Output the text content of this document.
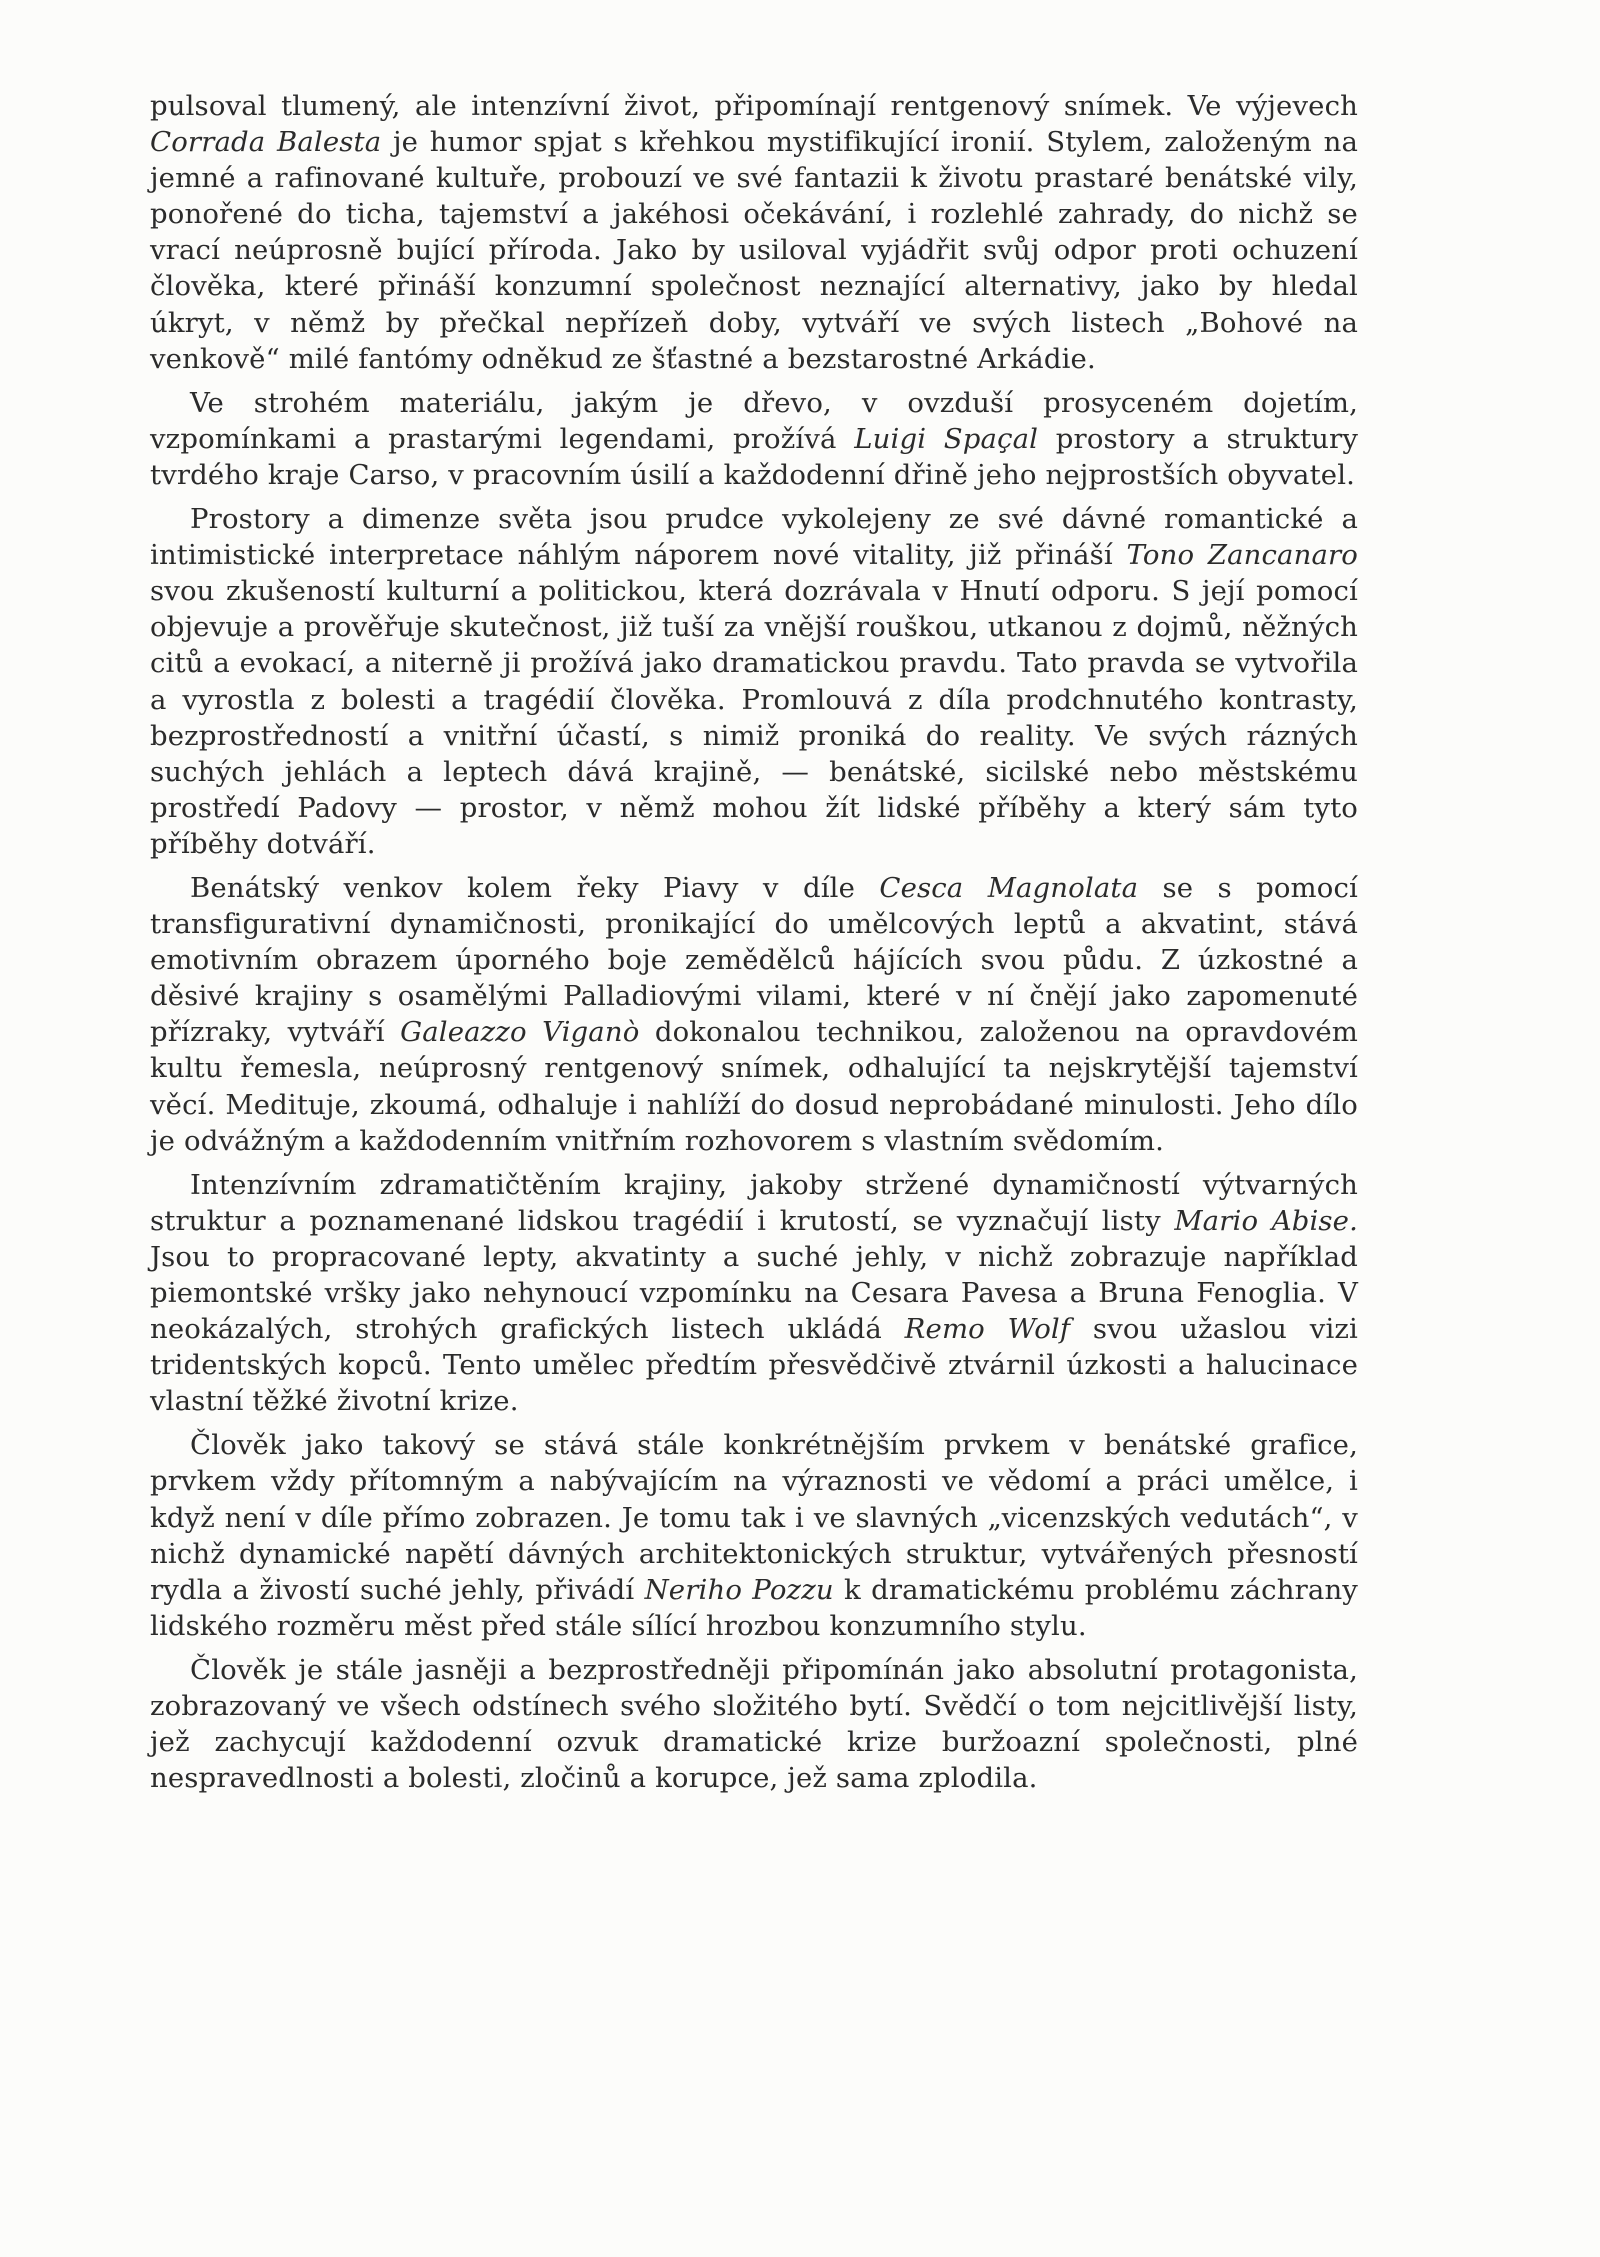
pulsoval tlumený, ale intenzívní život, připomínají rentgenový snímek. Ve výjevech Corrada Balesta je humor spjat s křehkou mystifikující ironií. Stylem, založeným na jemné a rafinované kultuře, probouzí ve své fantazii k životu prastaré benátské vily, ponořené do ticha, tajemství a jakéhosi očekávání, i rozlehlé zahrady, do nichž se vrací neúprosně bující příroda. Jako by usiloval vyjádřit svůj odpor proti ochuzení člověka, které přináší konzumní společnost neznající alternativy, jako by hledal úkryt, v němž by přečkal nepřízeň doby, vytváří ve svých listech „Bohové na venkově“ milé fantómy odněkud ze šťastné a bezstarostné Arkádie.

Ve strohém materiálu, jakým je dřevo, v ovzduší prosyceném dojetím, vzpomínkami a prastarými legendami, prožívá Luigi Spaçal prostory a struktury tvrdého kraje Carso, v pracovním úsilí a každodenní dřině jeho nejprostších obyvatel.

Prostory a dimenze světa jsou prudce vykolejeny ze své dávné romantické a intimistické interpretace náhlým náporem nové vitality, již přináší Tono Zancanaro svou zkušeností kulturní a politickou, která dozrávala v Hnutí odporu. S její pomocí objevuje a prověřuje skutečnost, již tuší za vnější rouškou, utkanou z dojmů, něžných citů a evokací, a niterně ji prožívá jako dramatickou pravdu. Tato pravda se vytvořila a vyrostla z bolesti a tragédií člověka. Promlouvá z díla prodchnutého kontrasty, bezprostředností a vnitřní účastí, s nimiž proniká do reality. Ve svých rázných suchých jehlách a leptech dává krajině, — benátské, sicilské nebo městskému prostředí Padovy — prostor, v němž mohou žít lidské příběhy a který sám tyto příběhy dotváří.

Benátský venkov kolem řeky Piavy v díle Cesca Magnolata se s pomocí transfigurativní dynamičnosti, pronikající do umělcových leptů a akvatint, stává emotivním obrazem úporného boje zemědělců hájících svou půdu. Z úzkostné a děsivé krajiny s osamělými Palladiovými vilami, které v ní čnějí jako zapomenuté přízraky, vytváří Galeazzo Viganò dokonalou technikou, založenou na opravdovém kultu řemesla, neúprosný rentgenový snímek, odhalující ta nejskrytější tajemství věcí. Medituje, zkoumá, odhaluje i nahlíží do dosud neprobádané minulosti. Jeho dílo je odvážným a každodenním vnitřním rozhovorem s vlastním svědomím.

Intenzívním zdramatičtěním krajiny, jakoby stržené dynamičností výtvarných struktur a poznamenané lidskou tragédií i krutostí, se vyznačují listy Mario Abise. Jsou to propracované lepty, akvatinty a suché jehly, v nichž zobrazuje například piemontské vršky jako nehynoucí vzpomínku na Cesara Pavesa a Bruna Fenoglia. V neokázalých, strohých grafických listech ukládá Remo Wolf svou užaslou vizi tridentských kopců. Tento umělec předtím přesvědčivě ztvárnil úzkosti a halucinace vlastní těžké životní krize.

Člověk jako takový se stává stále konkrétnějším prvkem v benátské grafice, prvkem vždy přítomným a nabývajícím na výraznosti ve vědomí a práci umělce, i když není v díle přímo zobrazen. Je tomu tak i ve slavných „vicenzských vedutách“, v nichž dynamické napětí dávných architektonických struktur, vytvářených přesností rydla a živostí suché jehly, přivádí Neriho Pozzu k dramatickému problému záchrany lidského rozměru měst před stále sílící hrozbou konzumního stylu.

Člověk je stále jasněji a bezprostředněji připomínán jako absolutní protagonista, zobrazovaný ve všech odstínech svého složitého bytí. Svědčí o tom nejcitlivější listy, jež zachycují každodenní ozvuk dramatické krize buržoazní společnosti, plné nespravedlnosti a bolesti, zločinů a korupce, jež sama zplodila.
